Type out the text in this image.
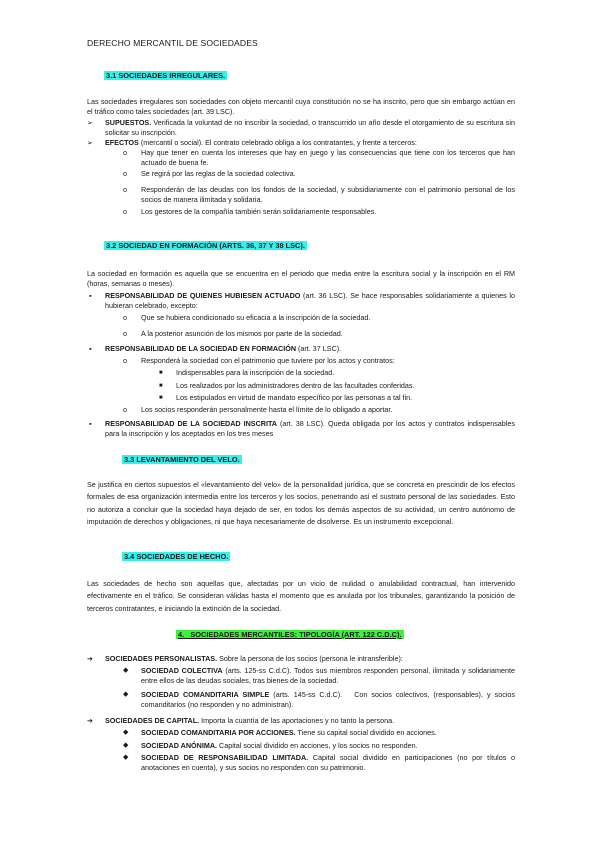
DERECHO MERCANTIL DE SOCIEDADES
3.1 SOCIEDADES IRREGULARES.
Las sociedades irregulares son sociedades con objeto mercantil cuya constitución no se ha inscrito, pero que sin embargo actúan en el tráfico como tales sociedades (art. 39 LSC).
➢ SUPUESTOS. Verificada la voluntad de no inscribir la sociedad, o transcurrido un año desde el otorgamiento de su escritura sin solicitar su inscripción.
➢ EFECTOS (mercantil o social). El contrato celebrado obliga a los contratantes, y frente a terceros:
o Hay que tener en cuenta los intereses que hay en juego y las consecuencias que tiene con los terceros que han actuado de buena fe.
o Se regirá por las reglas de la sociedad colectiva.
o Responderán de las deudas con los fondos de la sociedad, y subsidiariamente con el patrimonio personal de los socios de manera ilimitada y solidaria.
o Los gestores de la compañía también serán solidariamente responsables.
3.2 SOCIEDAD EN FORMACIÓN (ARTS. 36, 37 Y 38 LSC).
La sociedad en formación es aquella que se encuentra en el periodo que media entre la escritura social y la inscripción en el RM (horas, semanas o meses).
▪ RESPONSABILIDAD DE QUIENES HUBIESEN ACTUADO (art. 36 LSC). Se hace responsables solidariamente a quienes lo hubieran celebrado, excepto:
o Que se hubiera condicionado su eficacia a la inscripción de la sociedad.
o A la posterior asunción de los mismos por parte de la sociedad.
▪ RESPONSABILIDAD DE LA SOCIEDAD EN FORMACIÓN (art. 37 LSC).
o Responderá la sociedad con el patrimonio que tuviere por los actos y contratos:
■ Indispensables para la inscripción de la sociedad.
■ Los realizados por los administradores dentro de las facultades conferidas.
■ Los estipulados en virtud de mandato específico por las personas a tal fin.
o Los socios responderán personalmente hasta el límite de lo obligado a aportar.
▪ RESPONSABILIDAD DE LA SOCIEDAD INSCRITA (art. 38 LSC). Queda obligada por los actos y contratos indispensables para la inscripción y los aceptados en los tres meses
3.3 LEVANTAMIENTO DEL VELO.
Se justifica en ciertos supuestos el «levantamiento del velo» de la personalidad jurídica, que se concreta en prescindir de los efectos formales de esa organización intermedia entre los terceros y los socios, penetrando así el sustrato personal de las sociedades. Esto no autoriza a concluir que la sociedad haya dejado de ser, en todos los demás aspectos de su actividad, un centro autónomo de imputación de derechos y obligaciones, ni que haya necesariamente de disolverse. Es un instrumento excepcional.
3.4 SOCIEDADES DE HECHO.
Las sociedades de hecho son aquellas que, afectadas por un vicio de nulidad o anulabilidad contractual, han intervenido efectivamente en el tráfico. Se consideran válidas hasta el momento que es anulada por los tribunales, garantizando la posición de terceros contratantes, e iniciando la extinción de la sociedad.
4.   SOCIEDADES MERCANTILES: TIPOLOGÍA (ART. 122 C.D.C).
➔ SOCIEDADES PERSONALISTAS. Sobre la persona de los socios (persona le intransferible):
◆ SOCIEDAD COLECTIVA (arts. 125-ss C.d.C). Todos sus miembros responden personal, ilimitada y solidariamente entre ellos de las deudas sociales, tras bienes de la sociedad.
◆ SOCIEDAD COMANDITARIA SIMPLE (arts. 145-ss C.d.C).   Con socios colectivos, (responsables), y socios comanditarios (no responden y no administran).
➔ SOCIEDADES DE CAPITAL. Importa la cuantía de las aportaciones y no tanto la persona.
◆ SOCIEDAD COMANDITARIA POR ACCIONES. Tiene su capital social dividido en acciones.
◆ SOCIEDAD ANÓNIMA. Capital social dividido en acciones, y los socios no responden.
◆ SOCIEDAD DE RESPONSABILIDAD LIMITADA. Capital social dividido en participaciones (no por títulos o anotaciones en cuenta), y sus socios no responden con su patrimonio.
